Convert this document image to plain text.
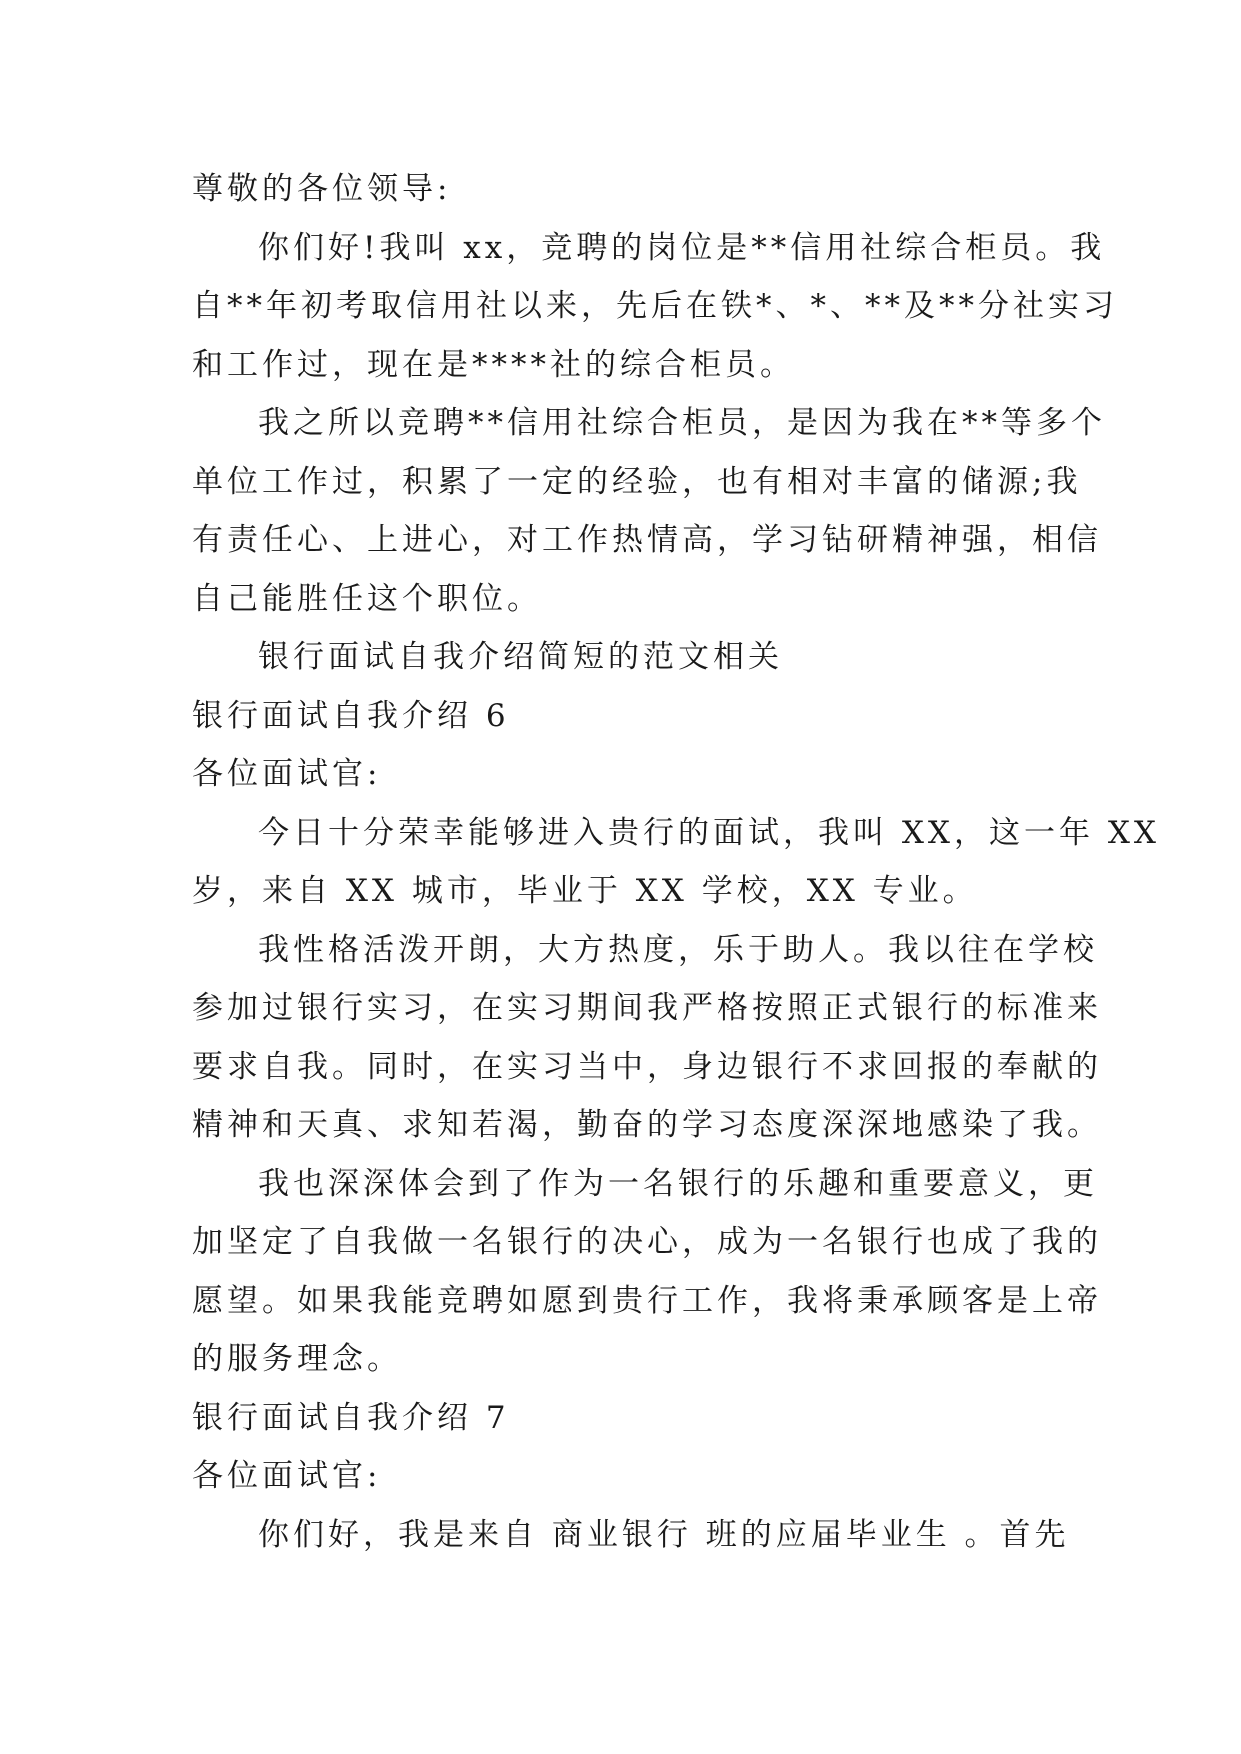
尊敬的各位领导:
你们好!我叫 xx，竞聘的岗位是**信用社综合柜员。我
自**年初考取信用社以来，先后在铁*、*、**及**分社实习
和工作过，现在是****社的综合柜员。
我之所以竞聘**信用社综合柜员，是因为我在**等多个
单位工作过，积累了一定的经验，也有相对丰富的储源;我
有责任心、上进心，对工作热情高，学习钻研精神强，相信
自己能胜任这个职位。
银行面试自我介绍简短的范文相关
银行面试自我介绍 6
各位面试官:
今日十分荣幸能够进入贵行的面试，我叫 XX，这一年 XX
岁，来自 XX 城市，毕业于 XX 学校，XX 专业。
我性格活泼开朗，大方热度，乐于助人。我以往在学校
参加过银行实习，在实习期间我严格按照正式银行的标准来
要求自我。同时，在实习当中，身边银行不求回报的奉献的
精神和天真、求知若渴，勤奋的学习态度深深地感染了我。
我也深深体会到了作为一名银行的乐趣和重要意义，更
加坚定了自我做一名银行的决心，成为一名银行也成了我的
愿望。如果我能竞聘如愿到贵行工作，我将秉承顾客是上帝
的服务理念。
银行面试自我介绍 7
各位面试官:
你们好，我是来自 商业银行 班的应届毕业生 。首先
